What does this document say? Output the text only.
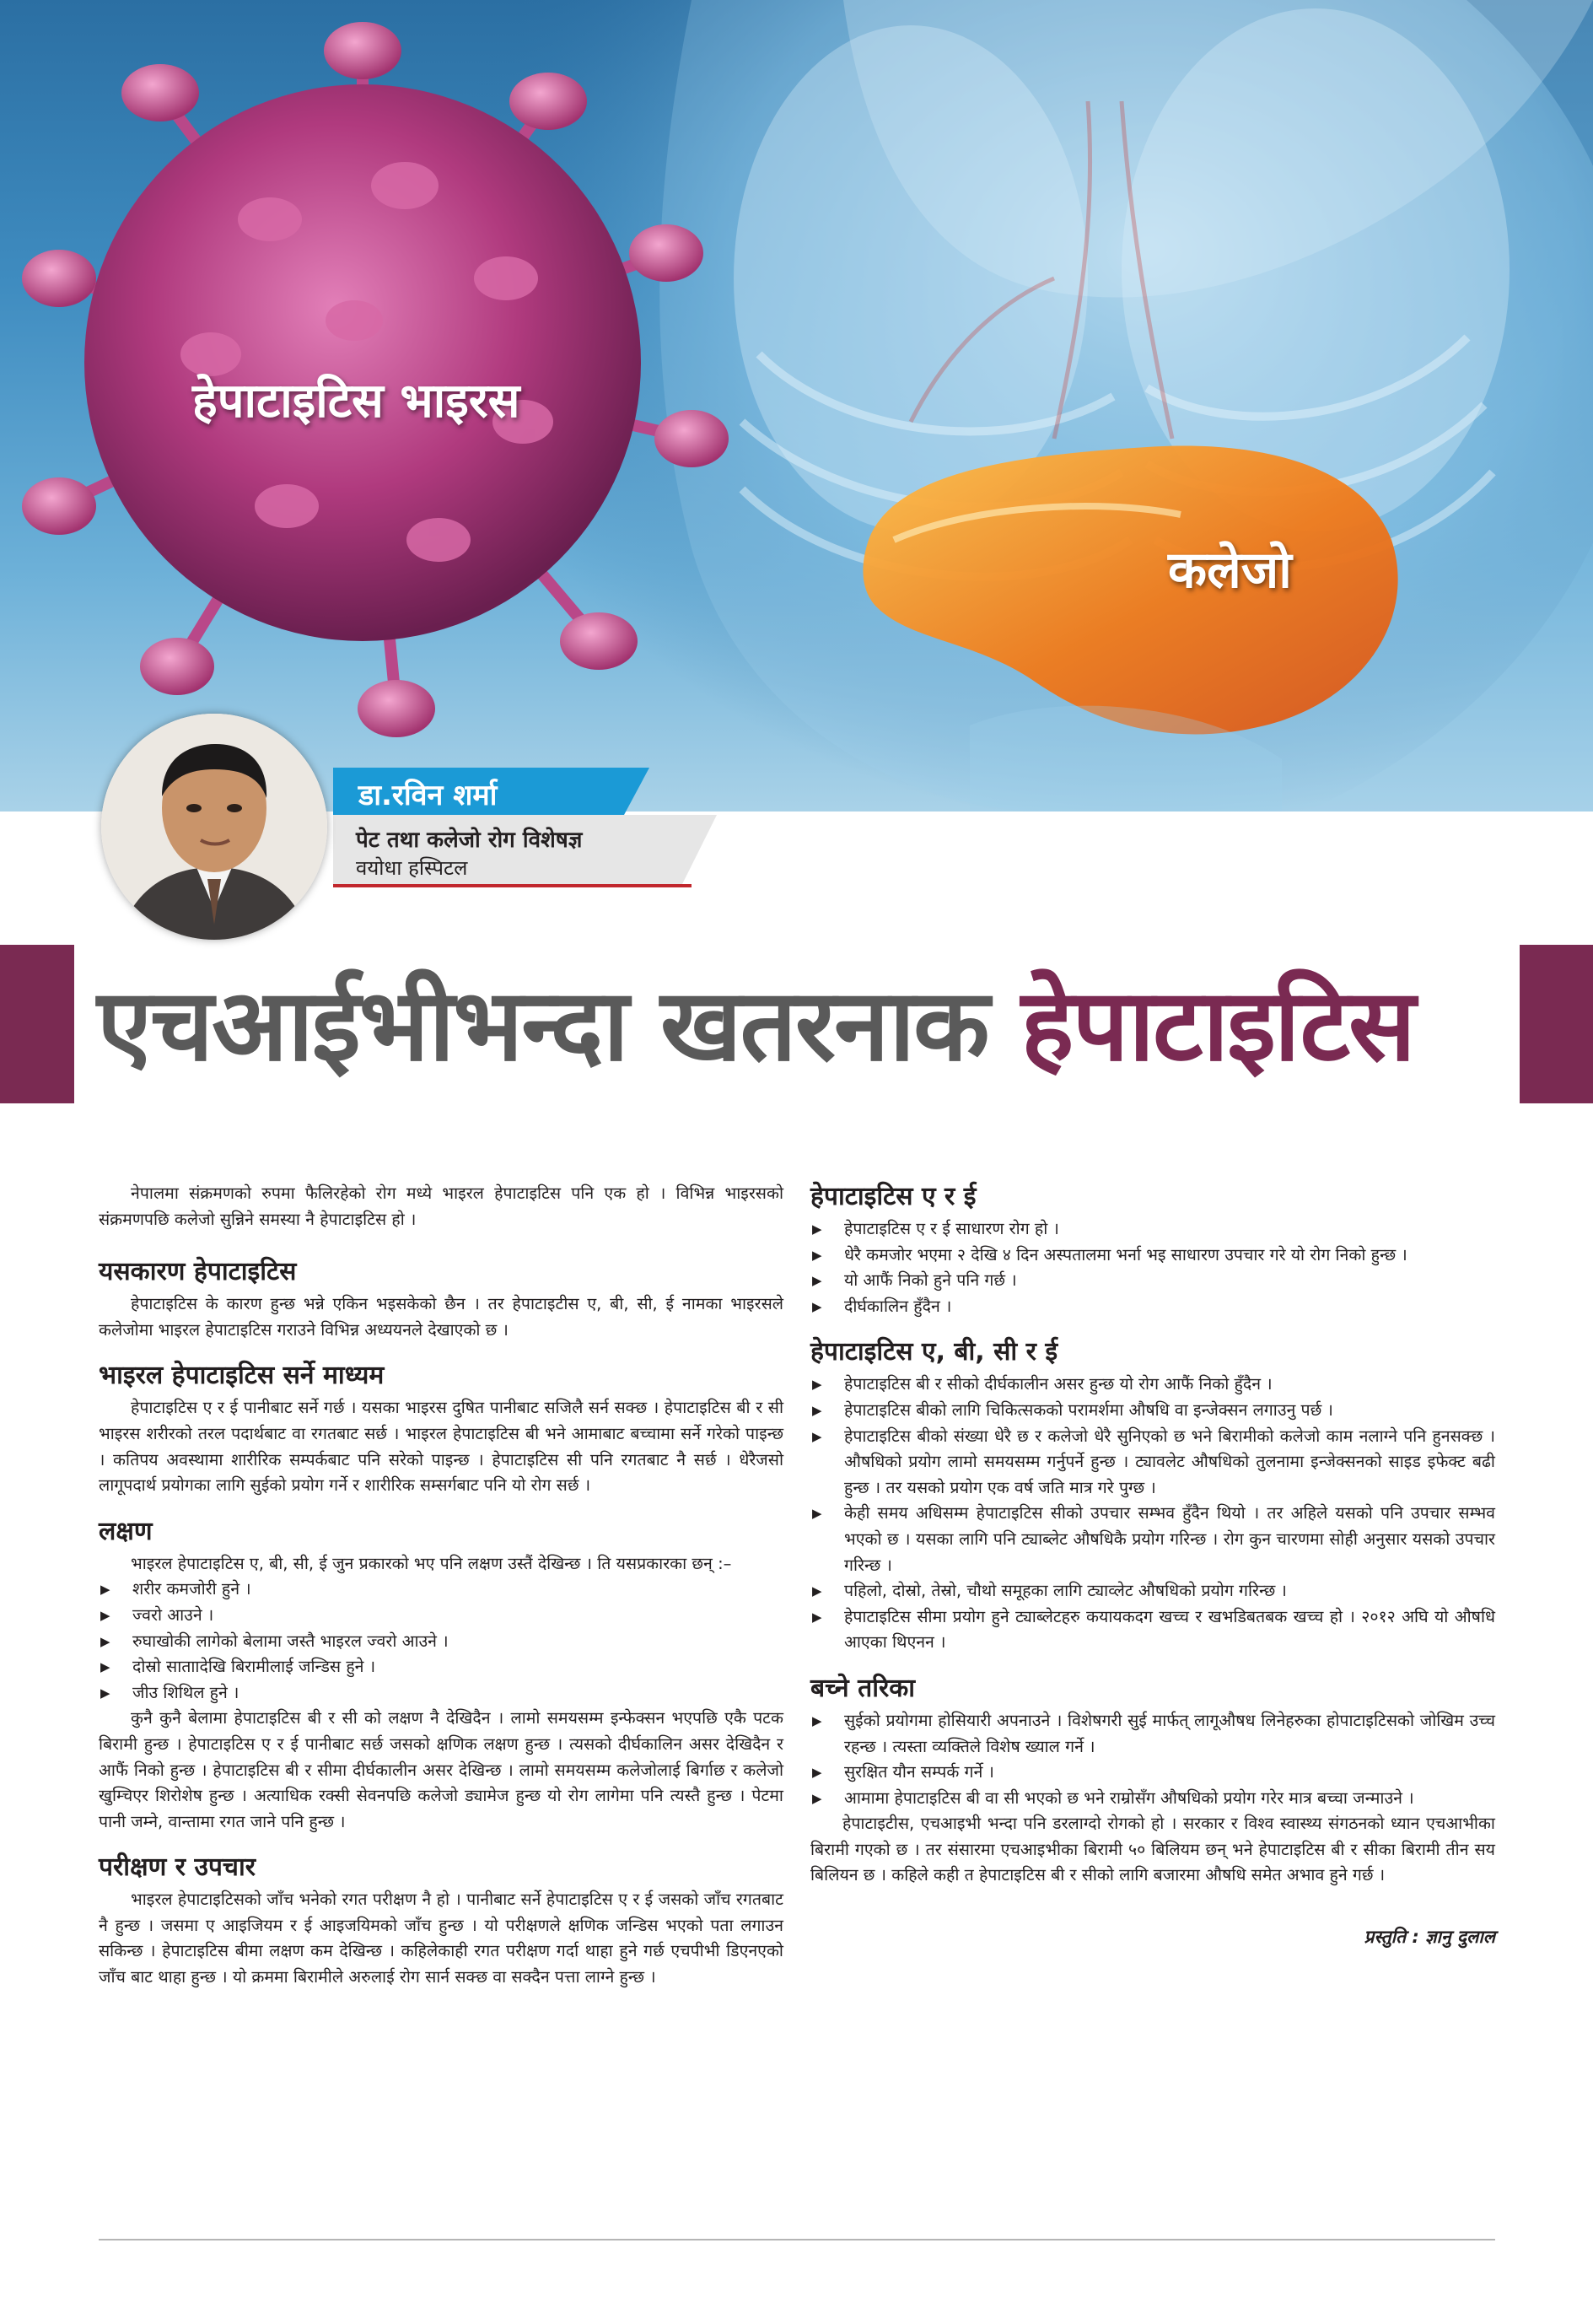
हेपाटाइटिस भाइरस
कलेजो
डा.रविन शर्मा
पेट तथा कलेजो रोग विशेषज्ञ
वयोधा हस्पिटल
एचआईभीभन्दा खतरनाक हेपाटाइटिस

नेपालमा संक्रमणको रुपमा फैलिरहेको रोग मध्ये भाइरल हेपाटाइटिस पनि एक हो । विभिन्न भाइरसको संक्रमणपछि कलेजो सुन्निने समस्या नै हेपाटाइटिस हो ।

यसकारण हेपाटाइटिस

हेपाटाइटिस के कारण हुन्छ भन्ने एकिन भइसकेको छैन । तर हेपाटाइटीस ए, बी, सी, ई नामका भाइरसले कलेजोमा भाइरल हेपाटाइटिस गराउने विभिन्न अध्ययनले देखाएको छ ।

भाइरल हेपाटाइटिस सर्ने माध्यम

हेपाटाइटिस ए र ई पानीबाट सर्ने गर्छ । यसका भाइरस दुषित पानीबाट सजिलै सर्न सक्छ । हेपाटाइटिस बी र सी भाइरस शरीरको तरल पदार्थबाट वा रगतबाट सर्छ । भाइरल हेपाटाइटिस बी भने आमाबाट बच्चामा सर्ने गरेको पाइन्छ । कतिपय अवस्थामा शारीरिक सम्पर्कबाट पनि सरेको पाइन्छ । हेपाटाइटिस सी पनि रगतबाट नै सर्छ । धेरैजसो लागूपदार्थ प्रयोगका लागि सुईको प्रयोग गर्ने र शारीरिक सम्सर्गबाट पनि यो रोग सर्छ ।

लक्षण

भाइरल हेपाटाइटिस ए, बी, सी, ई जुन प्रकारको भए पनि लक्षण उस्तैं देखिन्छ । ति यसप्रकारका छन् :–

▶ शरीर कमजोरी हुने ।
▶ ज्वरो आउने ।
▶ रुघाखोकी लागेको बेलामा जस्तै भाइरल ज्वरो आउने ।
▶ दोस्रो साताादेखि बिरामीलाई जन्डिस हुने ।
▶ जीउ शिथिल हुने ।

कुनै कुनै बेलामा हेपाटाइटिस बी र सी को लक्षण नै देखिदैन । लामो समयसम्म इन्फेक्सन भएपछि एकै पटक बिरामी हुन्छ । हेपाटाइटिस ए र ई पानीबाट सर्छ जसको क्षणिक लक्षण हुन्छ । त्यसको दीर्घकालिन असर देखिदैन र आफैं निको हुन्छ । हेपाटाइटिस बी र सीमा दीर्घकालीन असर देखिन्छ । लामो समयसम्म कलेजोलाई बिर्गाछ र कलेजो खुम्चिएर शिरोशेष हुन्छ । अत्याधिक रक्सी सेवनपछि कलेजो ड्यामेज हुन्छ यो रोग लागेमा पनि त्यस्तै हुन्छ । पेटमा पानी जम्ने, वान्तामा रगत जाने पनि हुन्छ ।

परीक्षण र उपचार

भाइरल हेपाटाइटिसको जाँच भनेको रगत परीक्षण नै हो । पानीबाट सर्ने हेपाटाइटिस ए र ई जसको जाँच रगतबाट नै हुन्छ । जसमा ए आइजियम र ई आइजयिमको जाँच हुन्छ । यो परीक्षणले क्षणिक जन्डिस भएको पता लगाउन सकिन्छ । हेपाटाइटिस बीमा लक्षण कम देखिन्छ । कहिलेकाही रगत परीक्षण गर्दा थाहा हुने गर्छ एचपीभी डिएनएको जाँच बाट थाहा हुन्छ । यो क्रममा बिरामीले अरुलाई रोग सार्न सक्छ वा सक्दैन पत्ता लाग्ने हुन्छ ।

हेपाटाइटिस ए र ई
▶ हेपाटाइटिस ए र ई साधारण रोग हो ।
▶ धेरै कमजोर भएमा २ देखि ४ दिन अस्पतालमा भर्ना भइ साधारण उपचार गरे यो रोग निको हुन्छ ।
▶ यो आफैं निको हुने पनि गर्छ ।
▶ दीर्घकालिन हुँदैन ।
हेपाटाइटिस ए, बी, सी र ई
▶ हेपाटाइटिस बी र सीको दीर्घकालीन असर हुन्छ यो रोग आफैं निको हुँदैन ।
▶ हेपाटाइटिस बीको लागि चिकित्सकको परामर्शमा औषधि वा इन्जेक्सन लगाउनु पर्छ ।
▶ हेपाटाइटिस बीको संख्या धेरै छ र कलेजो धेरै सुनिएको छ भने बिरामीको कलेजो काम नलाग्ने पनि हुनसक्छ । औषधिको प्रयोग लामो समयसम्म गर्नुपर्ने हुन्छ । ट्यावलेट औषधिको तुलनामा इन्जेक्सनको साइड इफेक्ट बढी हुन्छ । तर यसको प्रयोग एक वर्ष जति मात्र गरे पुग्छ ।
▶ केही समय अधिसम्म हेपाटाइटिस सीको उपचार सम्भव हुँदैन थियो । तर अहिले यसको पनि उपचार सम्भव भएको छ । यसका लागि पनि ट्याब्लेट औषधिकै प्रयोग गरिन्छ । रोग कुन चारणमा सोही अनुसार यसको उपचार गरिन्छ ।
▶ पहिलो, दोस्रो, तेस्रो, चौथो समूहका लागि ट्याव्लेट औषधिको प्रयोग गरिन्छ ।
▶ हेपाटाइटिस सीमा प्रयोग हुने ट्याब्लेटहरु कयायकदग खच्च र खभडिबतबक खच्च हो । २०१२ अघि यो औषधि आएका थिएनन ।
बच्ने तरिका
▶ सुईको प्रयोगमा होसियारी अपनाउने । विशेषगरी सुई मार्फत् लागूऔषध लिनेहरुका होपाटाइटिसको जोखिम उच्च रहन्छ । त्यस्ता व्यक्तिले विशेष ख्याल गर्ने ।
▶ सुरक्षित यौन सम्पर्क गर्ने ।
▶ आमामा हेपाटाइटिस बी वा सी भएको छ भने राम्रोसँग औषधिको प्रयोग गरेर मात्र बच्चा जन्माउने ।

हेपाटाइटीस, एचआइभी भन्दा पनि डरलाग्दो रोगको हो । सरकार र विश्व स्वास्थ्य संगठनको ध्यान एचआभीका बिरामी गएको छ । तर संसारमा एचआइभीका बिरामी ५० बिलियम छन् भने हेपाटाइटिस बी र सीका बिरामी तीन सय बिलियन छ । कहिले कही त हेपाटाइटिस बी र सीको लागि बजारमा औषधि समेत अभाव हुने गर्छ ।

प्रस्तुति : ज्ञानु दुलाल
